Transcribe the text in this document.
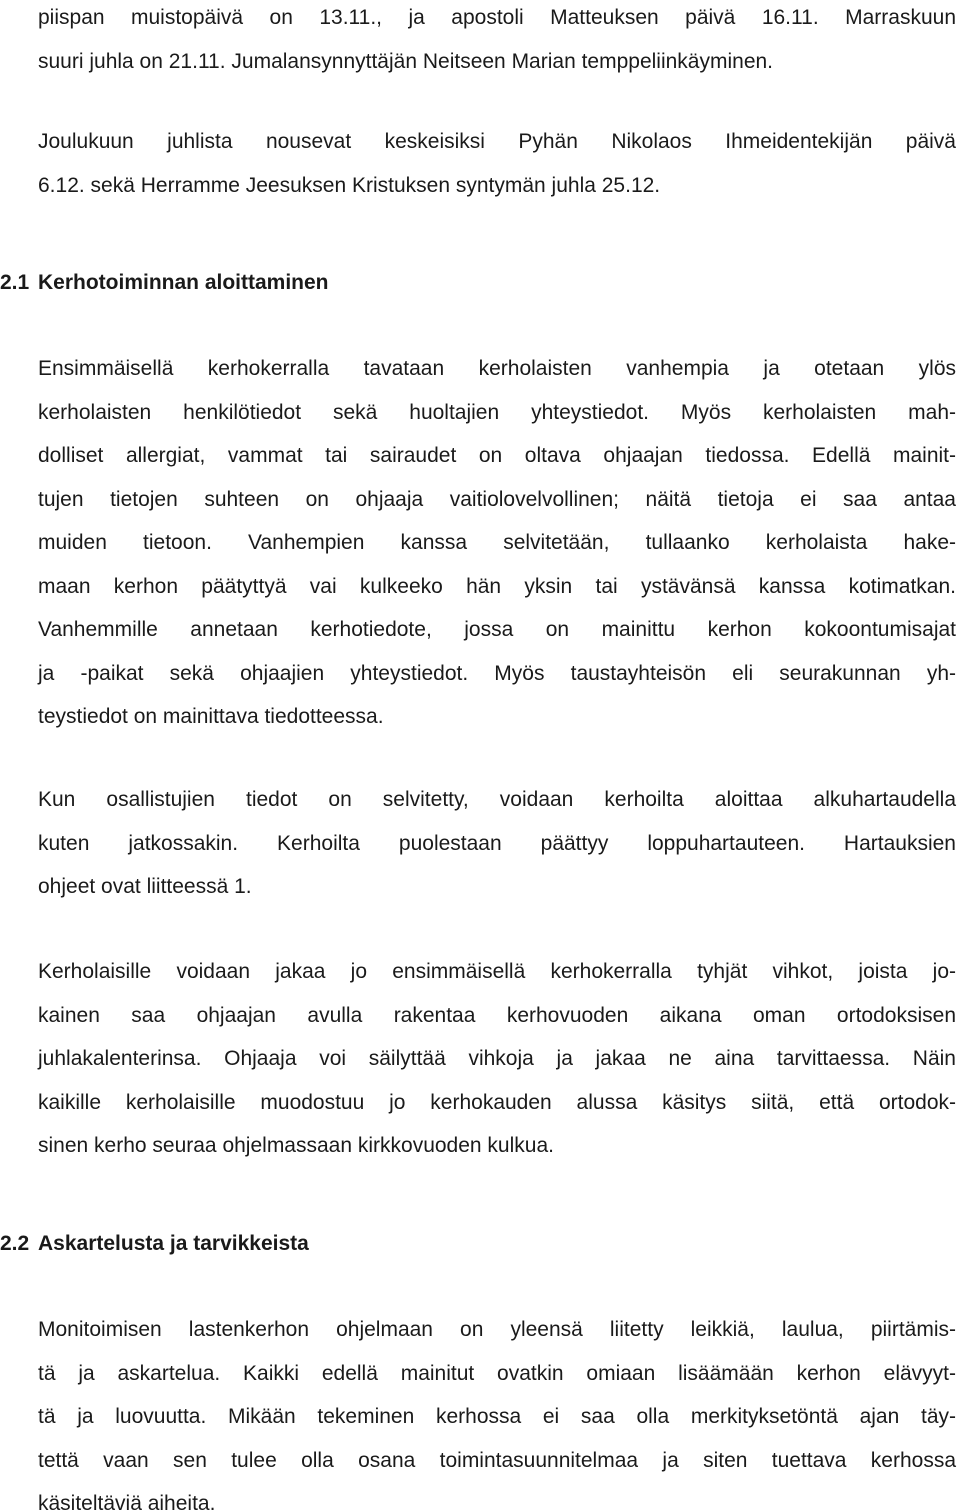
piispan muistopäivä on 13.11., ja apostoli Matteuksen päivä 16.11. Marraskuun
suuri juhla on 21.11. Jumalansynnyttäjän Neitseen Marian temppeliinkäyminen.
Joulukuun juhlista nousevat keskeisiksi Pyhän Nikolaos Ihmeidentekijän päivä
6.12. sekä Herramme Jeesuksen Kristuksen syntymän juhla 25.12.
2.1 Kerhotoiminnan aloittaminen
Ensimmäisellä kerhokerralla tavataan kerholaisten vanhempia ja otetaan ylös
kerholaisten henkilötiedot sekä huoltajien yhteystiedot. Myös kerholaisten mah-
dolliset allergiat, vammat tai sairaudet on oltava ohjaajan tiedossa. Edellä mainit-
tujen tietojen suhteen on ohjaaja vaitiolovelvollinen; näitä tietoja ei saa antaa
muiden tietoon. Vanhempien kanssa selvitetään, tullaanko kerholaista hake-
maan kerhon päätyttyä vai kulkeeko hän yksin tai ystävänsä kanssa kotimatkan.
Vanhemmille annetaan kerhotiedote, jossa on mainittu kerhon kokoontumisajat
ja -paikat sekä ohjaajien yhteystiedot. Myös taustayhteisön eli seurakunnan yh-
teystiedot on mainittava tiedotteessa.
Kun osallistujien tiedot on selvitetty, voidaan kerhoilta aloittaa alkuhartaudella
kuten jatkossakin. Kerhoilta puolestaan päättyy loppuhartauteen. Hartauksien
ohjeet ovat liitteessä 1.
Kerholaisille voidaan jakaa jo ensimmäisellä kerhokerralla tyhjät vihkot, joista jo-
kainen saa ohjaajan avulla rakentaa kerhovuoden aikana oman ortodoksisen
juhlakalenterinsa. Ohjaaja voi säilyttää vihkoja ja jakaa ne aina tarvittaessa. Näin
kaikille kerholaisille muodostuu jo kerhokauden alussa käsitys siitä, että ortodok-
sinen kerho seuraa ohjelmassaan kirkkovuoden kulkua.
2.2 Askartelusta ja tarvikkeista
Monitoimisen lastenkerhon ohjelmaan on yleensä liitetty leikkiä, laulua, piirtämis-
tä ja askartelua. Kaikki edellä mainitut ovatkin omiaan lisäämään kerhon elävyyt-
tä ja luovuutta. Mikään tekeminen kerhossa ei saa olla merkityksetöntä ajan täy-
tettä vaan sen tulee olla osana toimintasuunnitelmaa ja siten tuettava kerhossa
käsiteltäviä aiheita.
